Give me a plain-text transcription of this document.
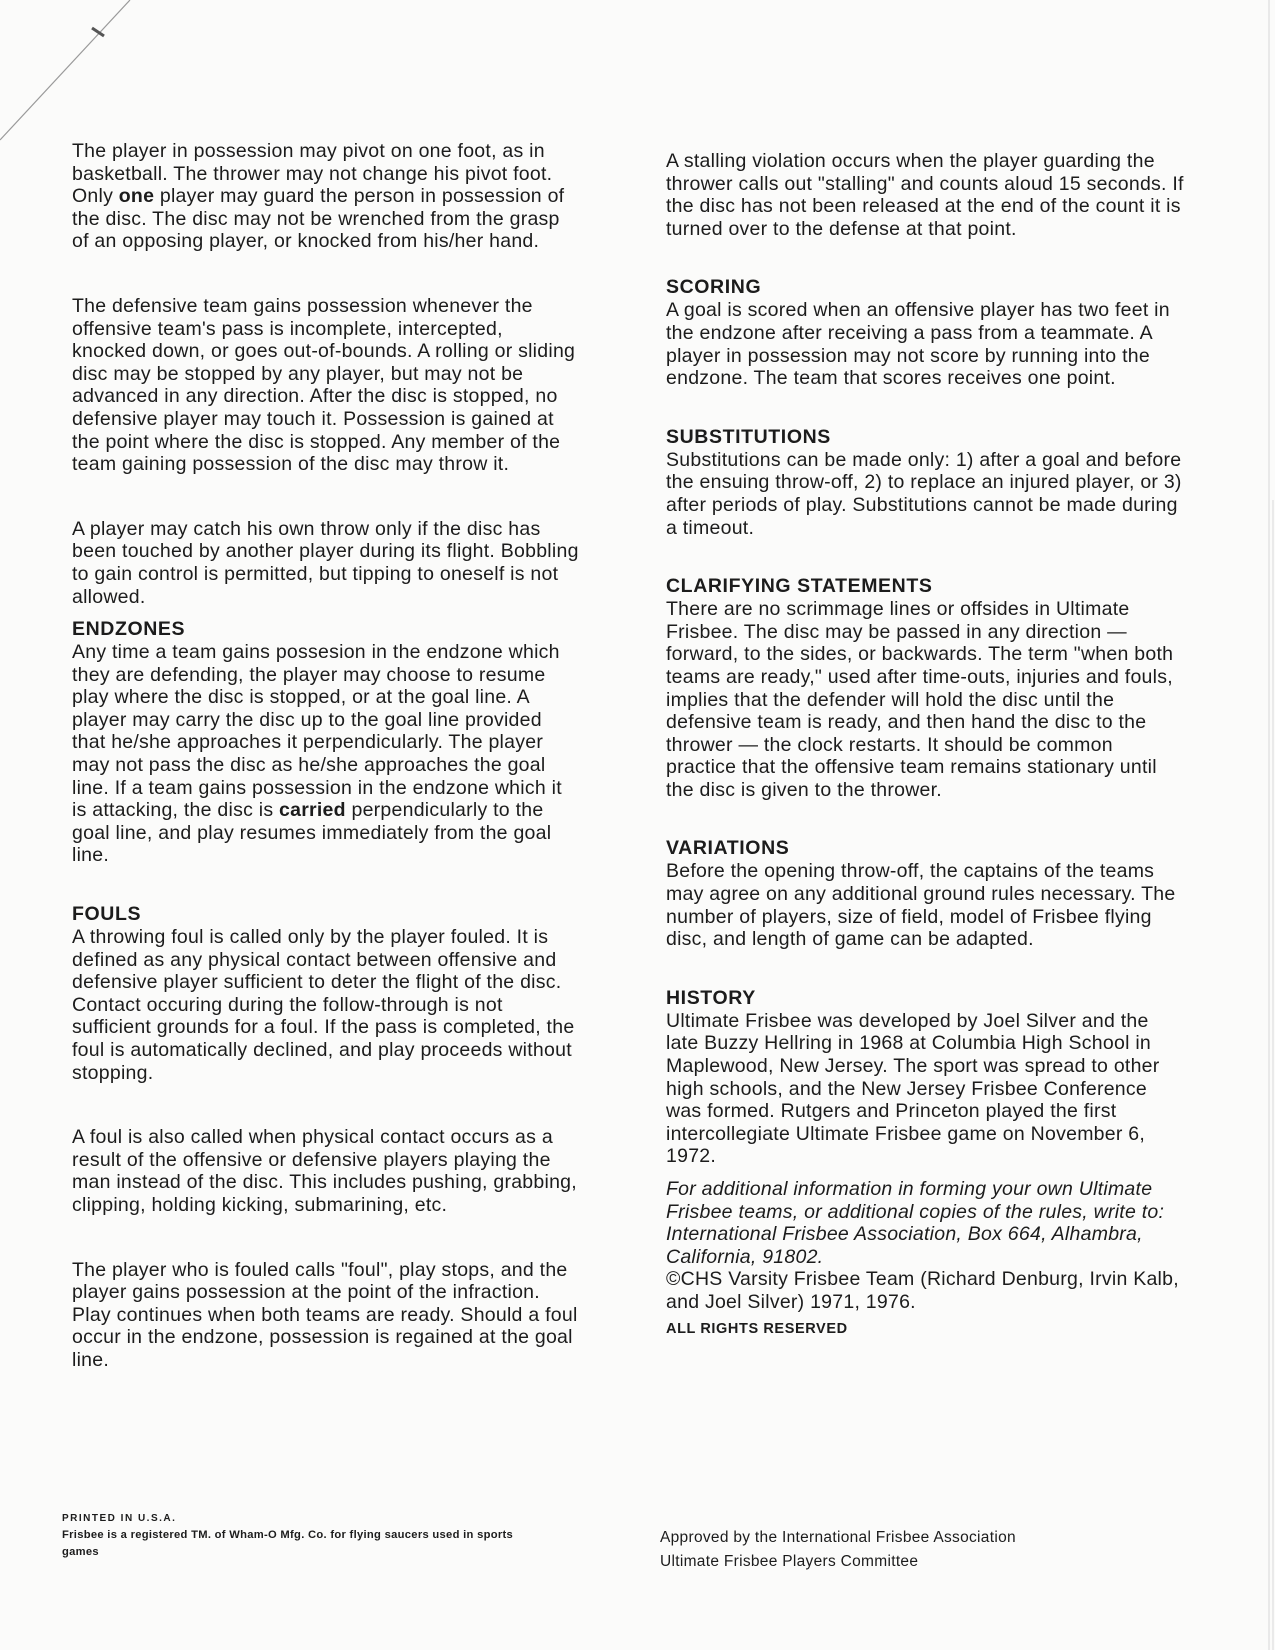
The player in possession may pivot on one foot, as in basketball. The thrower may not change his pivot foot. Only one player may guard the person in possession of the disc. The disc may not be wrenched from the grasp of an opposing player, or knocked from his/her hand.

The defensive team gains possession whenever the offensive team's pass is incomplete, intercepted, knocked down, or goes out-of-bounds. A rolling or sliding disc may be stopped by any player, but may not be advanced in any direction. After the disc is stopped, no defensive player may touch it. Possession is gained at the point where the disc is stopped. Any member of the team gaining possession of the disc may throw it.

A player may catch his own throw only if the disc has been touched by another player during its flight. Bobbling to gain control is permitted, but tipping to oneself is not allowed.

ENDZONES

Any time a team gains possesion in the endzone which they are defending, the player may choose to resume play where the disc is stopped, or at the goal line. A player may carry the disc up to the goal line provided that he/she approaches it perpendicularly. The player may not pass the disc as he/she approaches the goal line. If a team gains possession in the endzone which it is attacking, the disc is carried perpendicularly to the goal line, and play resumes immediately from the goal line.

FOULS

A throwing foul is called only by the player fouled. It is defined as any physical contact between offensive and defensive player sufficient to deter the flight of the disc. Contact occuring during the follow-through is not sufficient grounds for a foul. If the pass is completed, the foul is automatically declined, and play proceeds without stopping.

A foul is also called when physical contact occurs as a result of the offensive or defensive players playing the man instead of the disc. This includes pushing, grabbing, clipping, holding kicking, submarining, etc.

The player who is fouled calls "foul", play stops, and the player gains possession at the point of the infraction. Play continues when both teams are ready. Should a foul occur in the endzone, possession is regained at the goal line.

PRINTED IN U.S.A.
Frisbee is a registered TM. of Wham-O Mfg. Co. for flying saucers used in sports games

A stalling violation occurs when the player guarding the thrower calls out "stalling" and counts aloud 15 seconds. If the disc has not been released at the end of the count it is turned over to the defense at that point.

SCORING

A goal is scored when an offensive player has two feet in the endzone after receiving a pass from a teammate. A player in possession may not score by running into the endzone. The team that scores receives one point.

SUBSTITUTIONS

Substitutions can be made only: 1) after a goal and before the ensuing throw-off, 2) to replace an injured player, or 3) after periods of play. Substitutions cannot be made during a timeout.

CLARIFYING STATEMENTS

There are no scrimmage lines or offsides in Ultimate Frisbee. The disc may be passed in any direction — forward, to the sides, or backwards. The term "when both teams are ready," used after time-outs, injuries and fouls, implies that the defender will hold the disc until the defensive team is ready, and then hand the disc to the thrower — the clock restarts. It should be common practice that the offensive team remains stationary until the disc is given to the thrower.

VARIATIONS

Before the opening throw-off, the captains of the teams may agree on any additional ground rules necessary. The number of players, size of field, model of Frisbee flying disc, and length of game can be adapted.

HISTORY

Ultimate Frisbee was developed by Joel Silver and the late Buzzy Hellring in 1968 at Columbia High School in Maplewood, New Jersey. The sport was spread to other high schools, and the New Jersey Frisbee Conference was formed. Rutgers and Princeton played the first intercollegiate Ultimate Frisbee game on November 6, 1972.

For additional information in forming your own Ultimate Frisbee teams, or additional copies of the rules, write to: International Frisbee Association, Box 664, Alhambra, California, 91802.

©CHS Varsity Frisbee Team (Richard Denburg, Irvin Kalb, and Joel Silver) 1971, 1976.

ALL RIGHTS RESERVED

Approved by the International Frisbee Association
Ultimate Frisbee Players Committee
